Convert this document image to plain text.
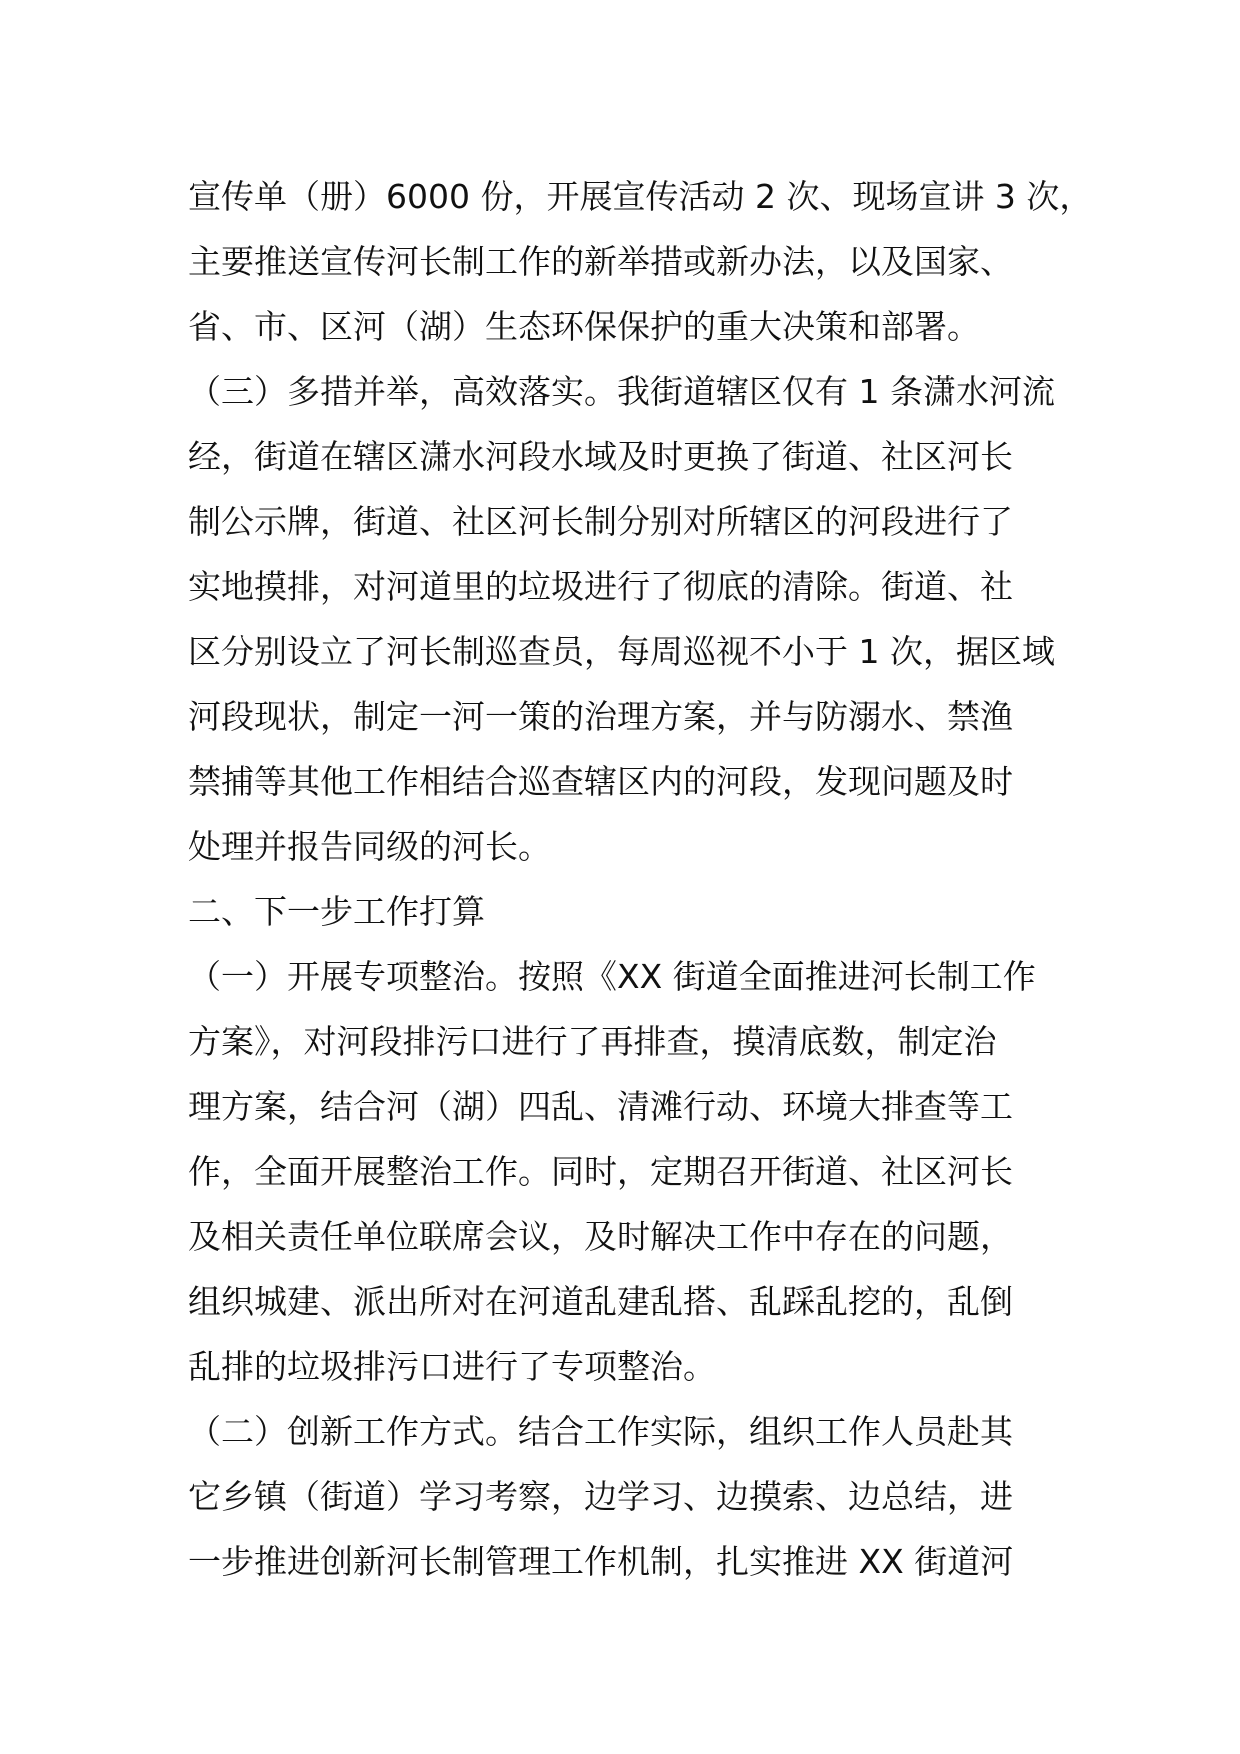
宣传单（册）6000 份，开展宣传活动 2 次、现场宣讲 3 次，
主要推送宣传河长制工作的新举措或新办法，以及国家、
省、市、区河（湖）生态环保保护的重大决策和部署。
（三）多措并举，高效落实。我街道辖区仅有 1 条潇水河流
经，街道在辖区潇水河段水域及时更换了街道、社区河长
制公示牌，街道、社区河长制分别对所辖区的河段进行了
实地摸排，对河道里的垃圾进行了彻底的清除。街道、社
区分别设立了河长制巡查员，每周巡视不小于 1 次，据区域
河段现状，制定一河一策的治理方案，并与防溺水、禁渔
禁捕等其他工作相结合巡查辖区内的河段，发现问题及时
处理并报告同级的河长。
二、下一步工作打算
（一）开展专项整治。按照《XX 街道全面推进河长制工作
方案》，对河段排污口进行了再排查，摸清底数，制定治
理方案，结合河（湖）四乱、清滩行动、环境大排查等工
作，全面开展整治工作。同时，定期召开街道、社区河长
及相关责任单位联席会议，及时解决工作中存在的问题，
组织城建、派出所对在河道乱建乱搭、乱踩乱挖的，乱倒
乱排的垃圾排污口进行了专项整治。
（二）创新工作方式。结合工作实际，组织工作人员赴其
它乡镇（街道）学习考察，边学习、边摸索、边总结，进
一步推进创新河长制管理工作机制，扎实推进 XX 街道河
